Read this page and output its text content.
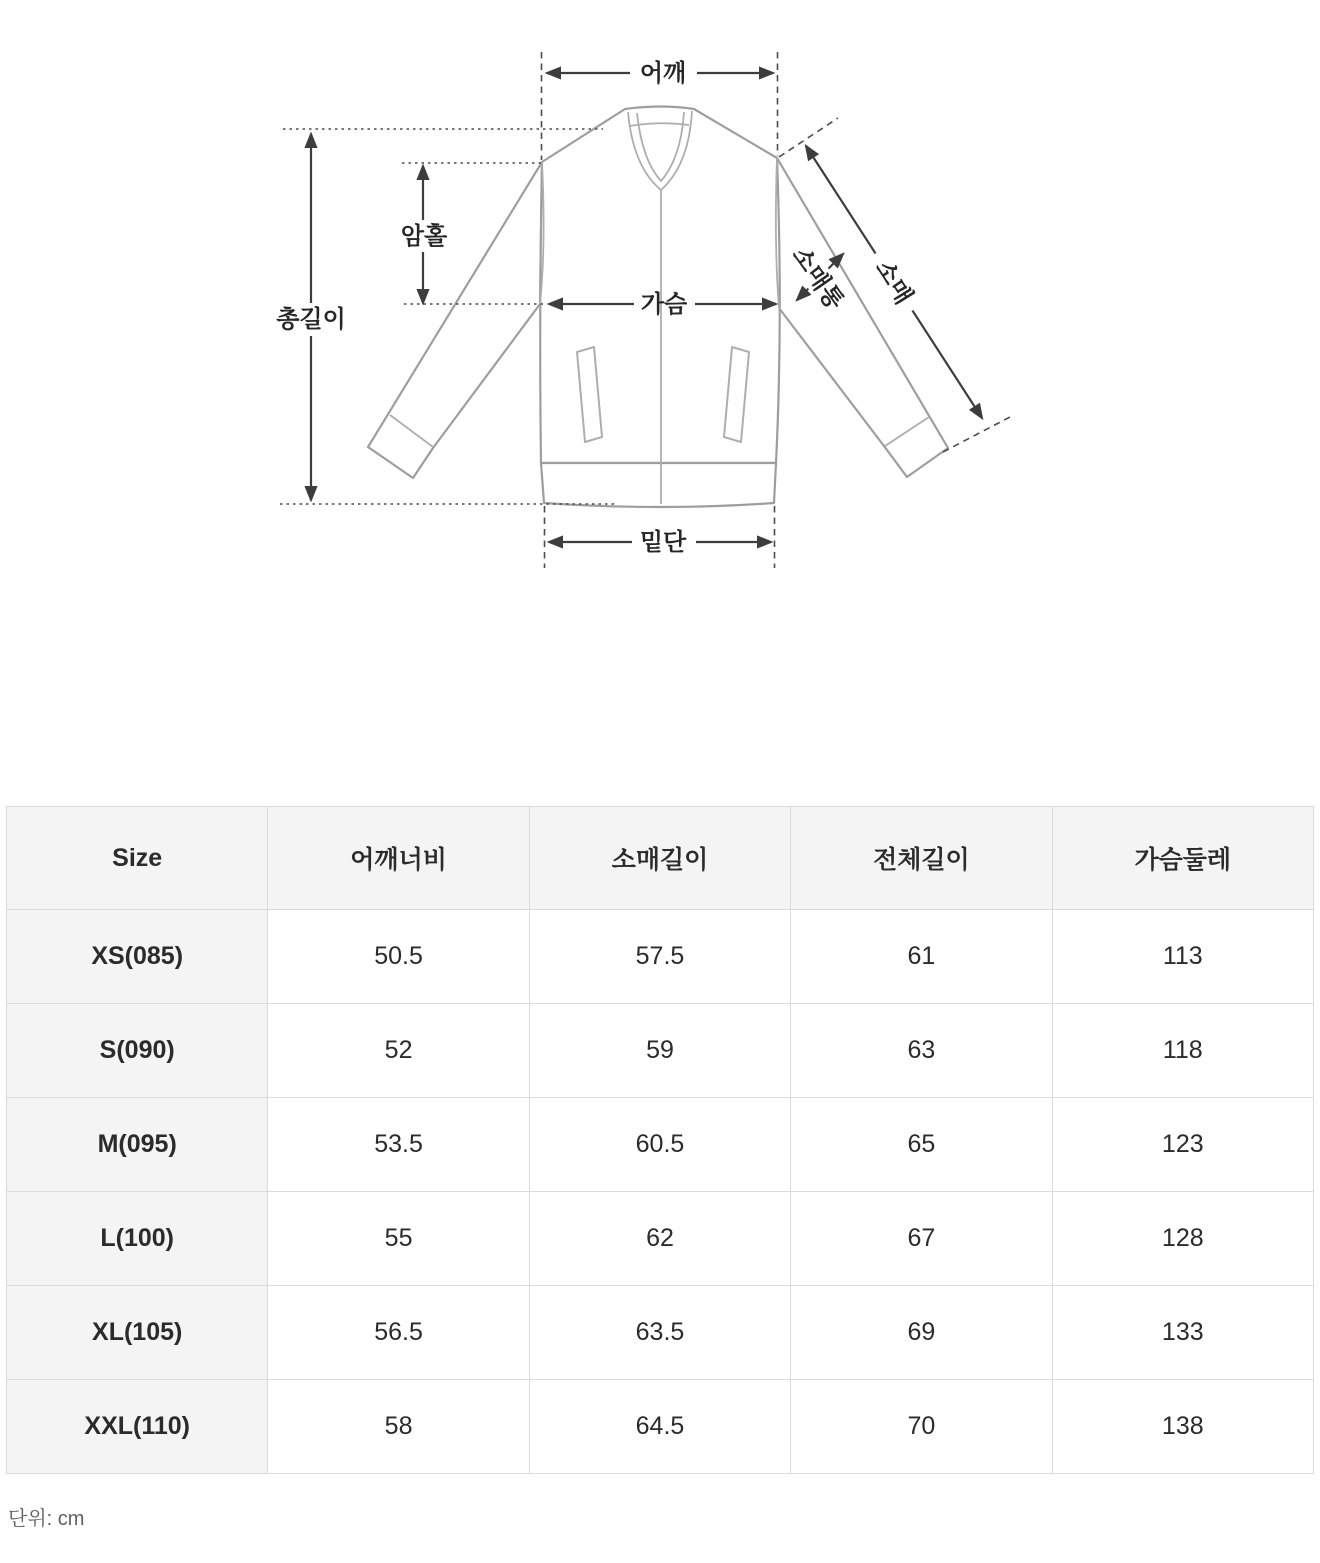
어깨
총길이
암홀
가슴
밑단
소매통 소매
Size	어깨너비	소매길이	전체길이	가슴둘레
XS(085)	50.5	57.5	61	113
S(090)	52	59	63	118
M(095)	53.5	60.5	65	123
L(100)	55	62	67	128
XL(105)	56.5	63.5	69	133
XXL(110)	58	64.5	70	138
단위: cm
